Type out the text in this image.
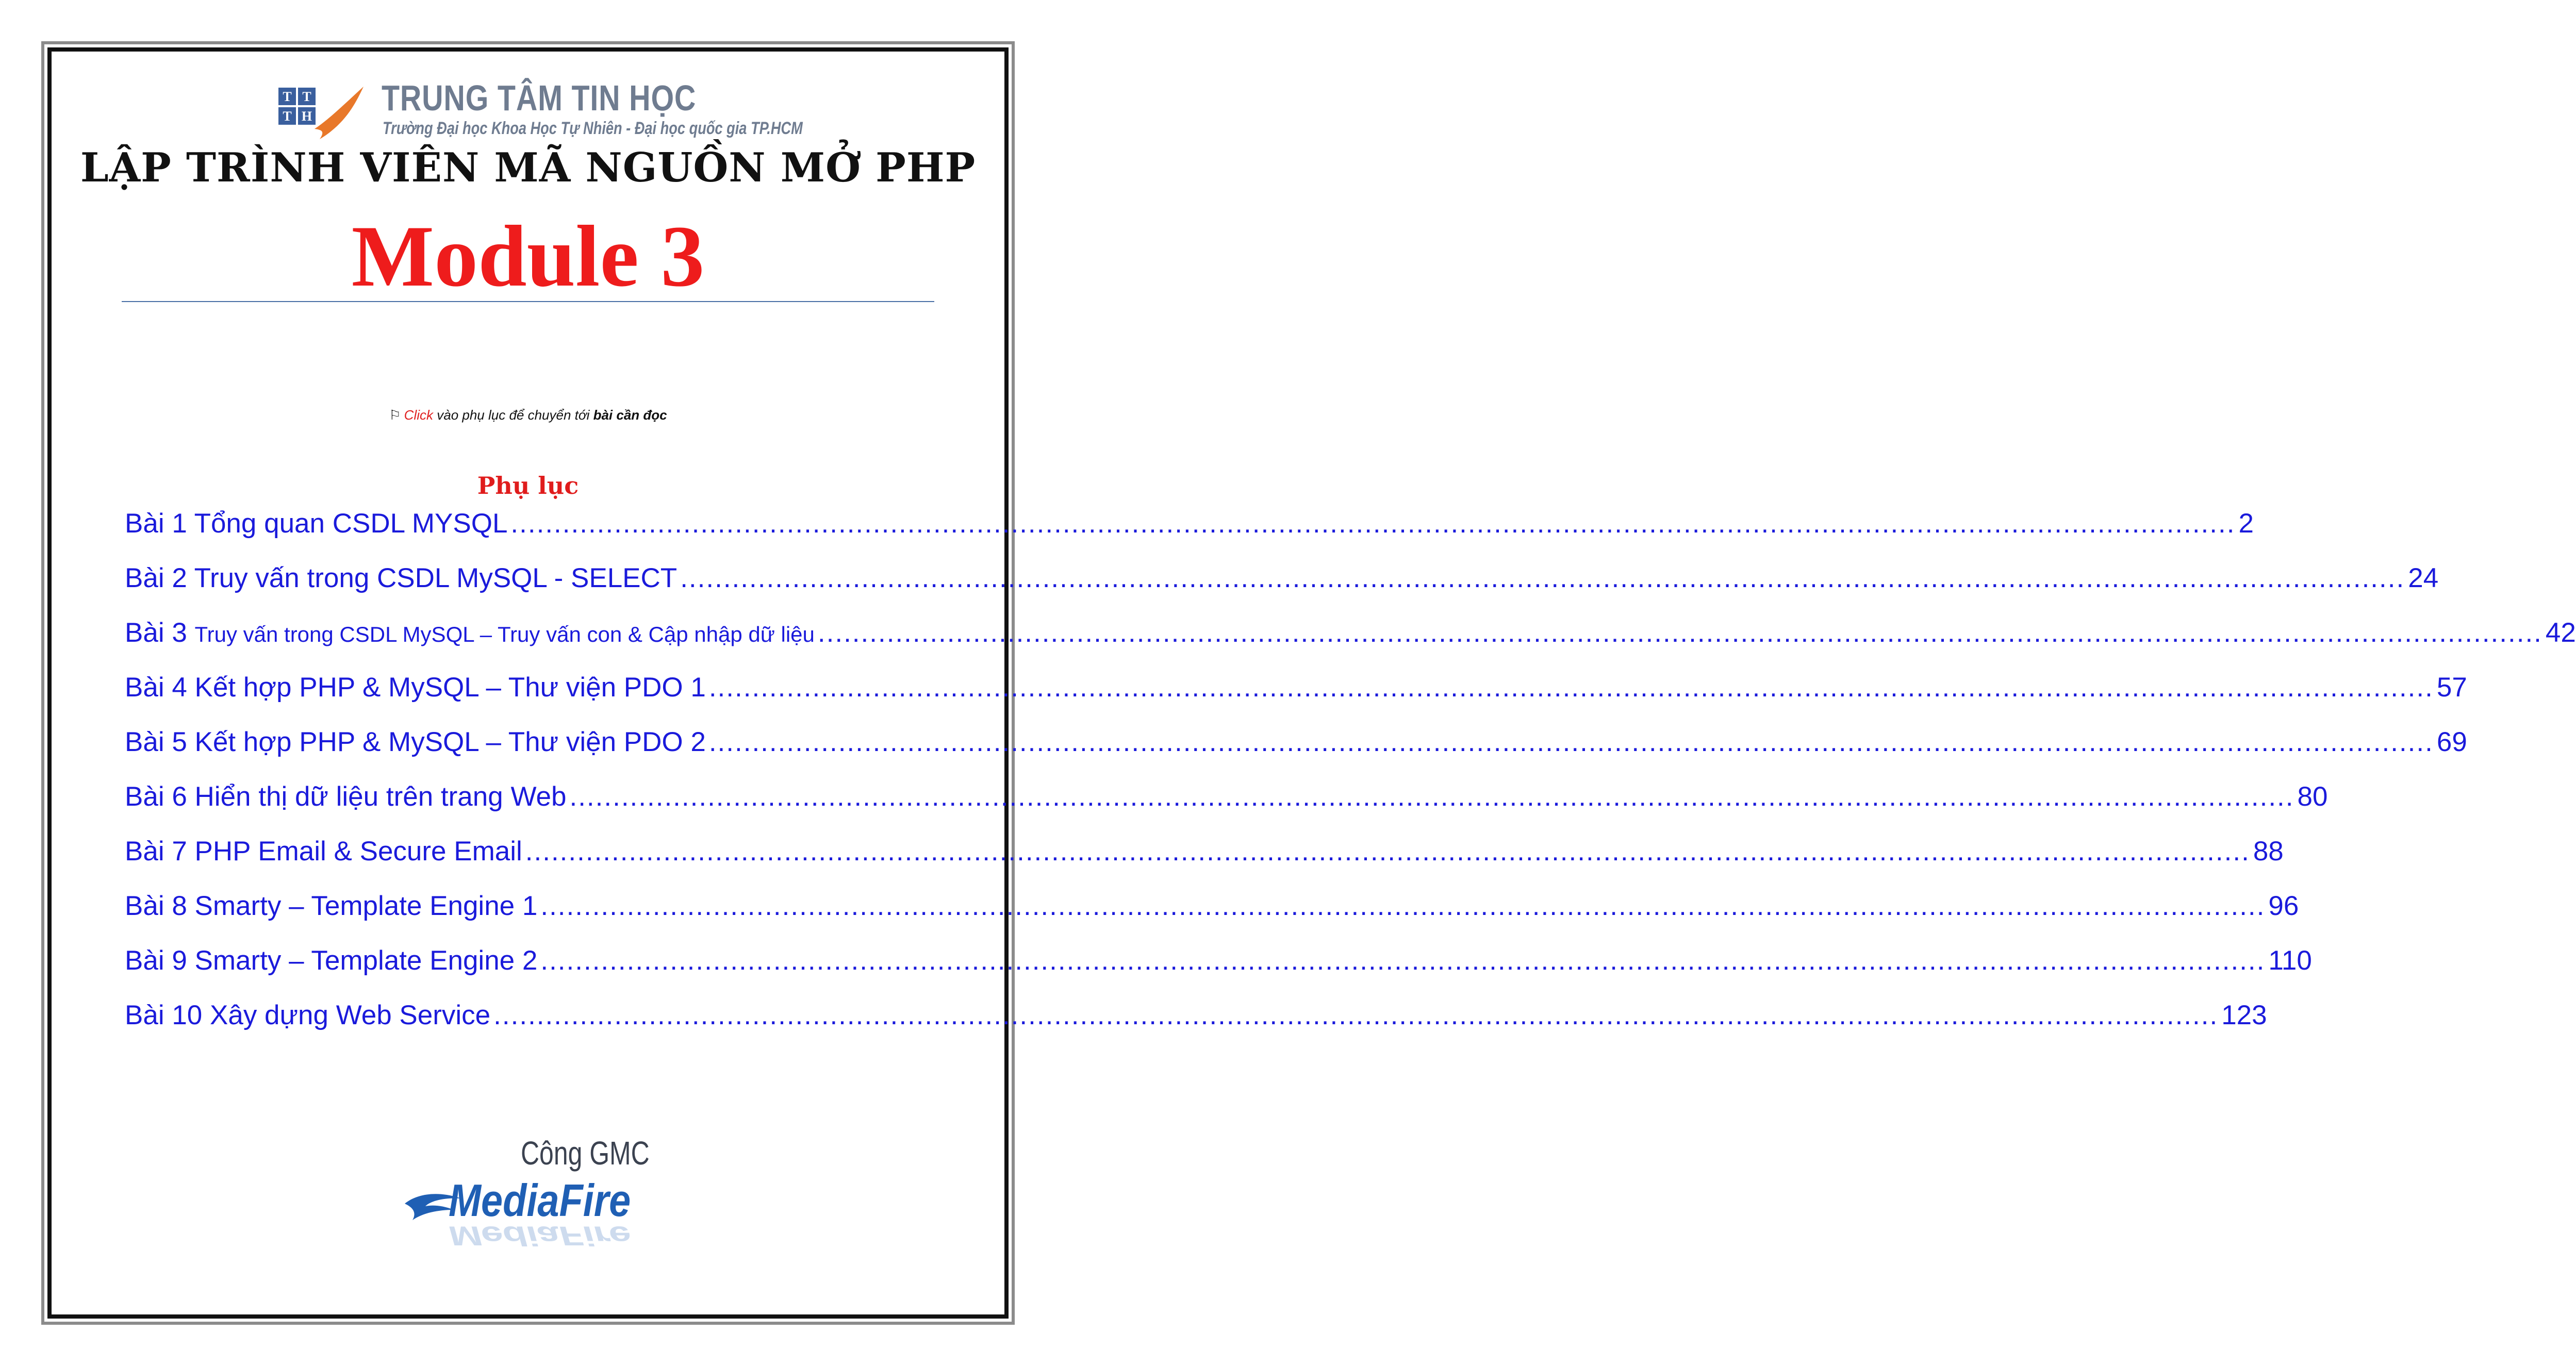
T T
T H TRUNG TÂM TIN HỌC
Trường Đại học Khoa Học Tự Nhiên - Đại học quốc gia TP.HCM
LẬP TRÌNH VIÊN MÃ NGUỒN MỞ PHP
Module 3
⚐ Click vào phụ lục để chuyển tới bài cần đọc
Phụ lục
Bài 1 Tổng quan CSDL MYSQL ........................................................................................................................................................................................................ 2
Bài 2 Truy vấn trong CSDL MySQL - SELECT ........................................................................................................................................................................................................ 24
Bài 3 Truy vấn trong CSDL MySQL – Truy vấn con & Cập nhập dữ liệu ........................................................................................................................................................................................................ 42
Bài 4 Kết hợp PHP & MySQL – Thư viện PDO 1 ........................................................................................................................................................................................................ 57
Bài 5 Kết hợp PHP & MySQL – Thư viện PDO 2 ........................................................................................................................................................................................................ 69
Bài 6 Hiển thị dữ liệu trên trang Web ........................................................................................................................................................................................................ 80
Bài 7 PHP Email & Secure Email ........................................................................................................................................................................................................ 88
Bài 8 Smarty – Template Engine 1 ........................................................................................................................................................................................................ 96
Bài 9 Smarty – Template Engine 2 ........................................................................................................................................................................................................ 110
Bài 10 Xây dựng Web Service ........................................................................................................................................................................................................ 123
Công GMC
MediaFire
MediaFire
